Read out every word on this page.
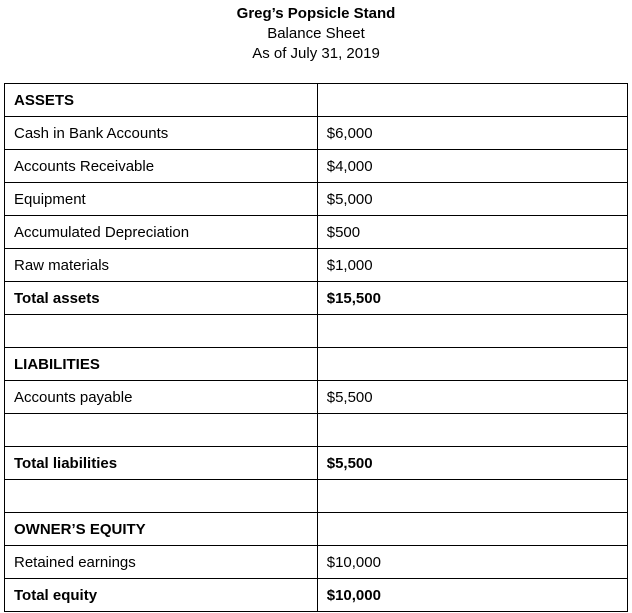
Greg’s Popsicle Stand
Balance Sheet
As of July 31, 2019
ASSETS	
Cash in Bank Accounts	$6,000
Accounts Receivable	$4,000
Equipment	$5,000
Accumulated Depreciation	$500
Raw materials	$1,000
Total assets	$15,500

LIABILITIES	
Accounts payable	$5,500

Total liabilities	$5,500

OWNER’S EQUITY	
Retained earnings	$10,000
Total equity	$10,000
